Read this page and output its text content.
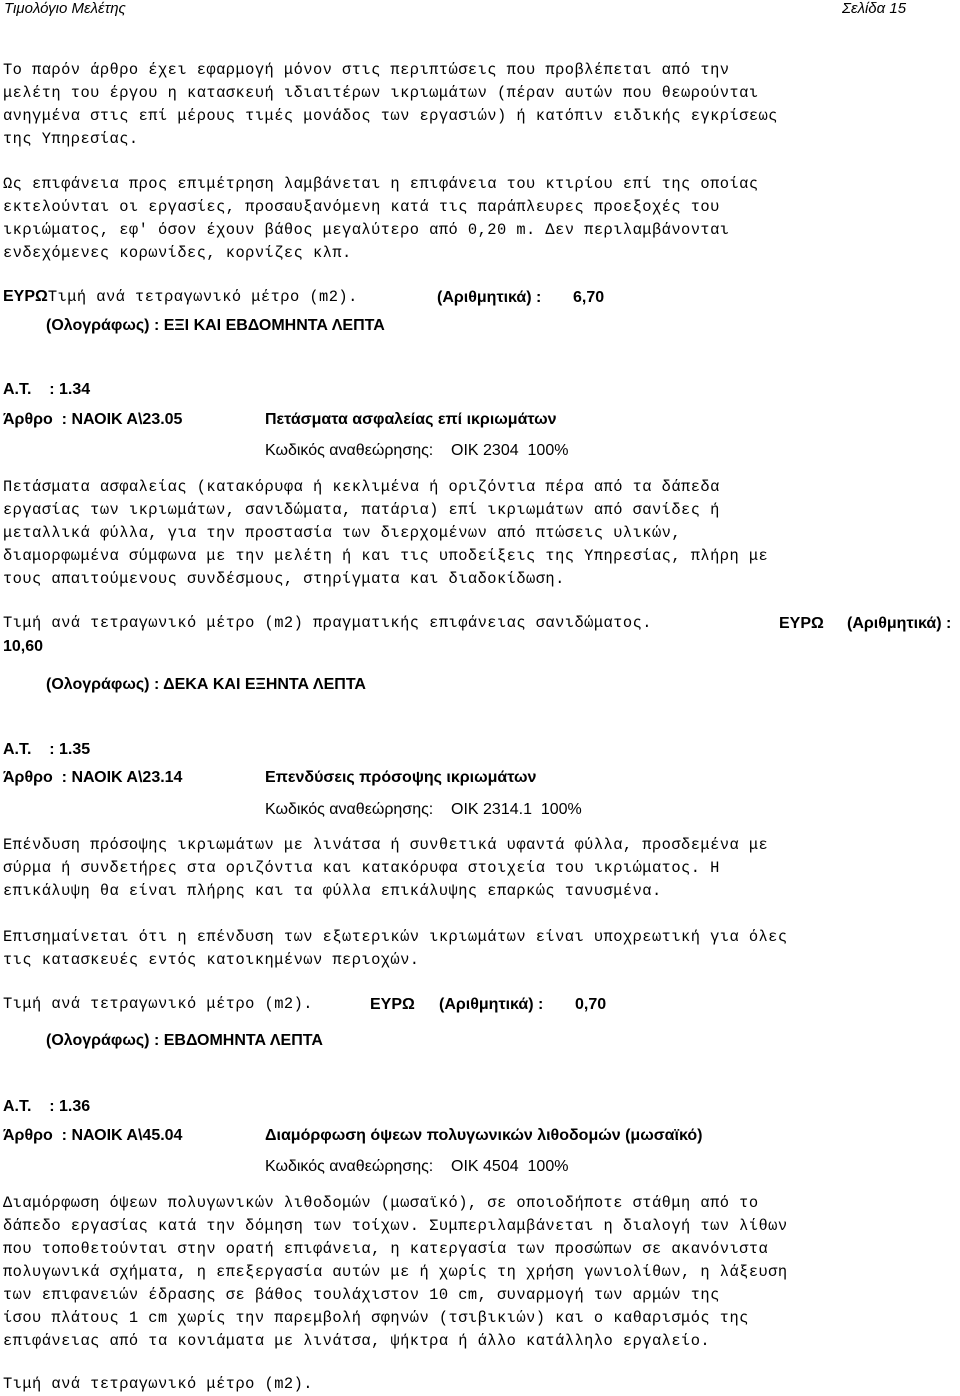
Τιμολόγιο Μελέτης	Σελίδα 15
Το παρόν άρθρο έχει εφαρμογή μόνον στις περιπτώσεις που προβλέπεται από την
μελέτη του έργου η κατασκευή ιδιαιτέρων ικριωμάτων (πέραν αυτών που θεωρούνται
ανηγμένα στις επί μέρους τιμές μονάδος των εργασιών) ή κατόπιν ειδικής εγκρίσεως
της Υπηρεσίας.
Ως επιφάνεια προς επιμέτρηση λαμβάνεται η επιφάνεια του κτιρίου επί της οποίας
εκτελούνται οι εργασίες, προσαυξανόμενη κατά τις παράπλευρες προεξοχές του
ικριώματος, εφ' όσον έχουν βάθος μεγαλύτερο από 0,20 m. Δεν περιλαμβάνονται
ενδεχόμενες κορωνίδες, κορνίζες κλπ.
ΕΥΡΩΤιμή ανά τετραγωνικό μέτρο (m2).	(Αριθμητικά) : 6,70
(Ολογράφως) : ΕΞΙ ΚΑΙ ΕΒΔΟΜΗΝΤΑ ΛΕΠΤΑ
Α.Τ.    : 1.34
Άρθρο  : ΝΑΟΙΚ Α\23.05	Πετάσματα ασφαλείας επί ικριωμάτων
Κωδικός αναθεώρησης:    ΟΙΚ 2304  100%
Πετάσματα ασφαλείας (κατακόρυφα ή κεκλιμένα ή οριζόντια πέρα από τα δάπεδα
εργασίας των ικριωμάτων, σανιδώματα, πατάρια) επί ικριωμάτων από σανίδες ή
μεταλλικά φύλλα, για την προστασία των διερχομένων από πτώσεις υλικών,
διαμορφωμένα σύμφωνα με την μελέτη ή και τις υποδείξεις της Υπηρεσίας, πλήρη με
τους απαιτούμενους συνδέσμους, στηρίγματα και διαδοκίδωση.
Τιμή ανά τετραγωνικό μέτρο (m2) πραγματικής επιφάνειας σανιδώματος.	ΕΥΡΩ (Αριθμητικά) :
10,60
(Ολογράφως) : ΔΕΚΑ ΚΑΙ ΕΞΗΝΤΑ ΛΕΠΤΑ
Α.Τ.    : 1.35
Άρθρο  : ΝΑΟΙΚ Α\23.14	Επενδύσεις πρόσοψης ικριωμάτων
Κωδικός αναθεώρησης:    ΟΙΚ 2314.1  100%
Επένδυση πρόσοψης ικριωμάτων με λινάτσα ή συνθετικά υφαντά φύλλα, προσδεμένα με
σύρμα ή συνδετήρες στα οριζόντια και κατακόρυφα στοιχεία του ικριώματος. Η
επικάλυψη θα είναι πλήρης και τα φύλλα επικάλυψης επαρκώς τανυσμένα.
Επισημαίνεται ότι η επένδυση των εξωτερικών ικριωμάτων είναι υποχρεωτική για όλες
τις κατασκευές εντός κατοικημένων περιοχών.
Τιμή ανά τετραγωνικό μέτρο (m2).	ΕΥΡΩ (Αριθμητικά) : 0,70
(Ολογράφως) : ΕΒΔΟΜΗΝΤΑ ΛΕΠΤΑ
Α.Τ.    : 1.36
Άρθρο  : ΝΑΟΙΚ Α\45.04	Διαμόρφωση όψεων πολυγωνικών λιθοδομών (μωσαϊκό)
Κωδικός αναθεώρησης:    ΟΙΚ 4504  100%
Διαμόρφωση όψεων πολυγωνικών λιθοδομών (μωσαϊκό), σε οποιοδήποτε στάθμη από το
δάπεδο εργασίας κατά την δόμηση των τοίχων. Συμπεριλαμβάνεται η διαλογή των λίθων
που τοποθετούνται στην ορατή επιφάνεια, η κατεργασία των προσώπων σε ακανόνιστα
πολυγωνικά σχήματα, η επεξεργασία αυτών με ή χωρίς τη χρήση γωνιολίθων, η λάξευση
των επιφανειών έδρασης σε βάθος τουλάχιστον 10 cm, συναρμογή των αρμών της
ίσου πλάτους 1 cm χωρίς την παρεμβολή σφηνών (τσιβικιών) και ο καθαρισμός της
επιφάνειας από τα κονιάματα με λινάτσα, ψήκτρα ή άλλο κατάλληλο εργαλείο.
Τιμή ανά τετραγωνικό μέτρο (m2).
